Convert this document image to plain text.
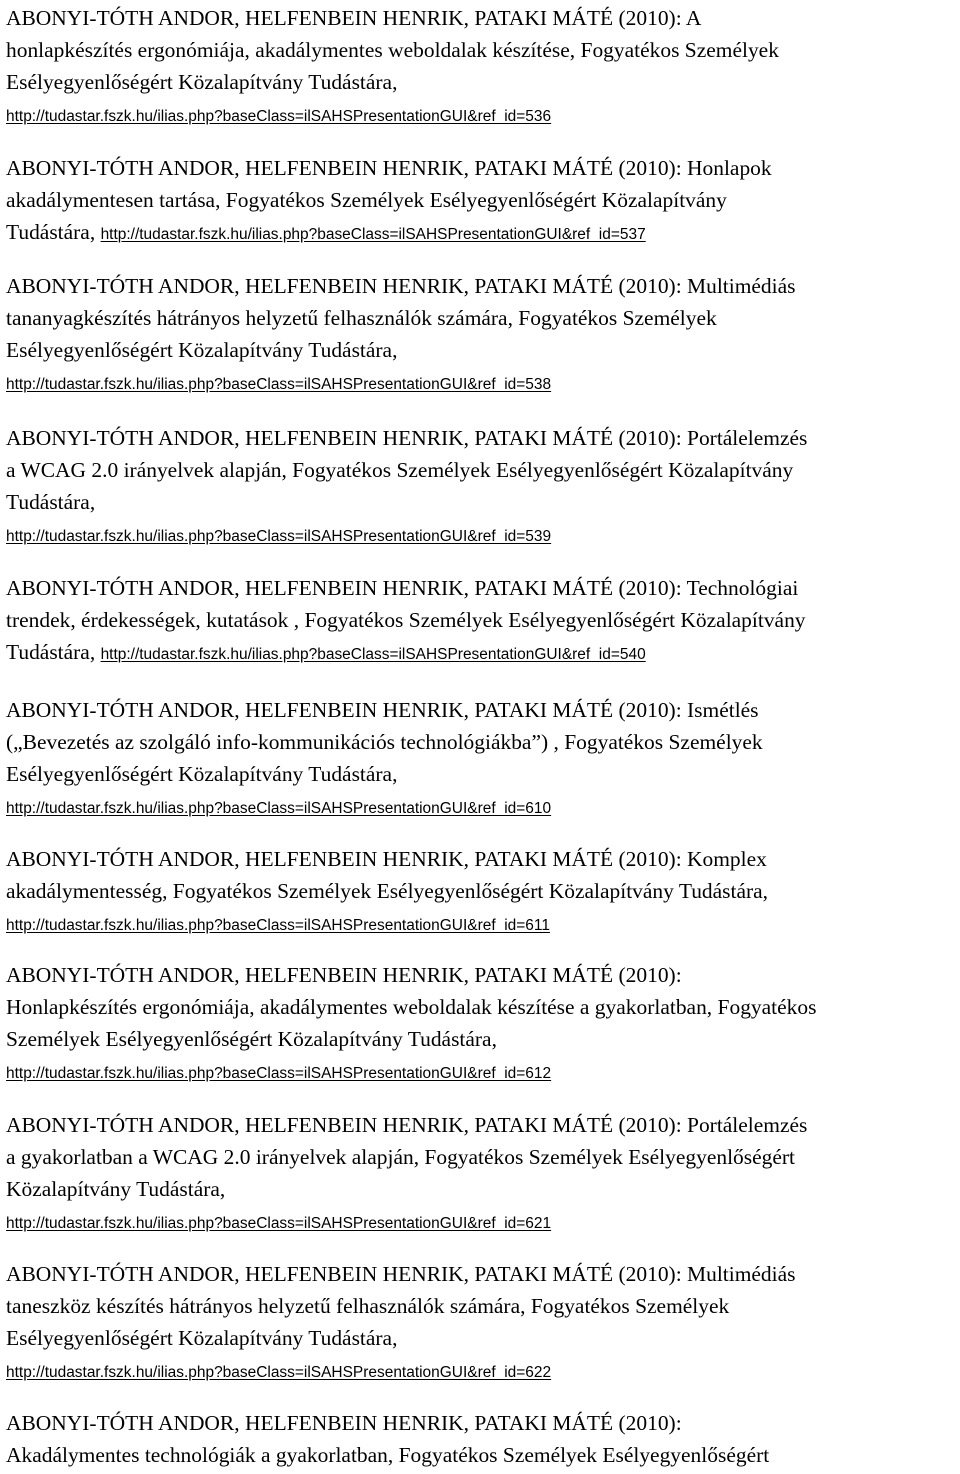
ABONYI-TÓTH ANDOR, HELFENBEIN HENRIK, PATAKI MÁTÉ (2010): A
honlapkészítés ergonómiája, akadálymentes weboldalak készítése, Fogyatékos Személyek
Esélyegyenlőségért Közalapítvány Tudástára,
http://tudastar.fszk.hu/ilias.php?baseClass=ilSAHSPresentationGUI&ref_id=536
ABONYI-TÓTH ANDOR, HELFENBEIN HENRIK, PATAKI MÁTÉ (2010): Honlapok
akadálymentesen tartása, Fogyatékos Személyek Esélyegyenlőségért Közalapítvány
Tudástára, http://tudastar.fszk.hu/ilias.php?baseClass=ilSAHSPresentationGUI&ref_id=537
ABONYI-TÓTH ANDOR, HELFENBEIN HENRIK, PATAKI MÁTÉ (2010): Multimédiás
tananyagkészítés hátrányos helyzetű felhasználók számára, Fogyatékos Személyek
Esélyegyenlőségért Közalapítvány Tudástára,
http://tudastar.fszk.hu/ilias.php?baseClass=ilSAHSPresentationGUI&ref_id=538
ABONYI-TÓTH ANDOR, HELFENBEIN HENRIK, PATAKI MÁTÉ (2010): Portálelemzés
a WCAG 2.0 irányelvek alapján, Fogyatékos Személyek Esélyegyenlőségért Közalapítvány
Tudástára,
http://tudastar.fszk.hu/ilias.php?baseClass=ilSAHSPresentationGUI&ref_id=539
ABONYI-TÓTH ANDOR, HELFENBEIN HENRIK, PATAKI MÁTÉ (2010): Technológiai
trendek, érdekességek, kutatások , Fogyatékos Személyek Esélyegyenlőségért Közalapítvány
Tudástára, http://tudastar.fszk.hu/ilias.php?baseClass=ilSAHSPresentationGUI&ref_id=540
ABONYI-TÓTH ANDOR, HELFENBEIN HENRIK, PATAKI MÁTÉ (2010): Ismétlés
(„Bevezetés az szolgáló info-kommunikációs technológiákba”) , Fogyatékos Személyek
Esélyegyenlőségért Közalapítvány Tudástára,
http://tudastar.fszk.hu/ilias.php?baseClass=ilSAHSPresentationGUI&ref_id=610
ABONYI-TÓTH ANDOR, HELFENBEIN HENRIK, PATAKI MÁTÉ (2010): Komplex
akadálymentesség, Fogyatékos Személyek Esélyegyenlőségért Közalapítvány Tudástára,
http://tudastar.fszk.hu/ilias.php?baseClass=ilSAHSPresentationGUI&ref_id=611
ABONYI-TÓTH ANDOR, HELFENBEIN HENRIK, PATAKI MÁTÉ (2010):
Honlapkészítés ergonómiája, akadálymentes weboldalak készítése a gyakorlatban, Fogyatékos
Személyek Esélyegyenlőségért Közalapítvány Tudástára,
http://tudastar.fszk.hu/ilias.php?baseClass=ilSAHSPresentationGUI&ref_id=612
ABONYI-TÓTH ANDOR, HELFENBEIN HENRIK, PATAKI MÁTÉ (2010): Portálelemzés
a gyakorlatban a WCAG 2.0 irányelvek alapján, Fogyatékos Személyek Esélyegyenlőségért
Közalapítvány Tudástára,
http://tudastar.fszk.hu/ilias.php?baseClass=ilSAHSPresentationGUI&ref_id=621
ABONYI-TÓTH ANDOR, HELFENBEIN HENRIK, PATAKI MÁTÉ (2010): Multimédiás
taneszköz készítés hátrányos helyzetű felhasználók számára, Fogyatékos Személyek
Esélyegyenlőségért Közalapítvány Tudástára,
http://tudastar.fszk.hu/ilias.php?baseClass=ilSAHSPresentationGUI&ref_id=622
ABONYI-TÓTH ANDOR, HELFENBEIN HENRIK, PATAKI MÁTÉ (2010):
Akadálymentes technológiák a gyakorlatban, Fogyatékos Személyek Esélyegyenlőségért
